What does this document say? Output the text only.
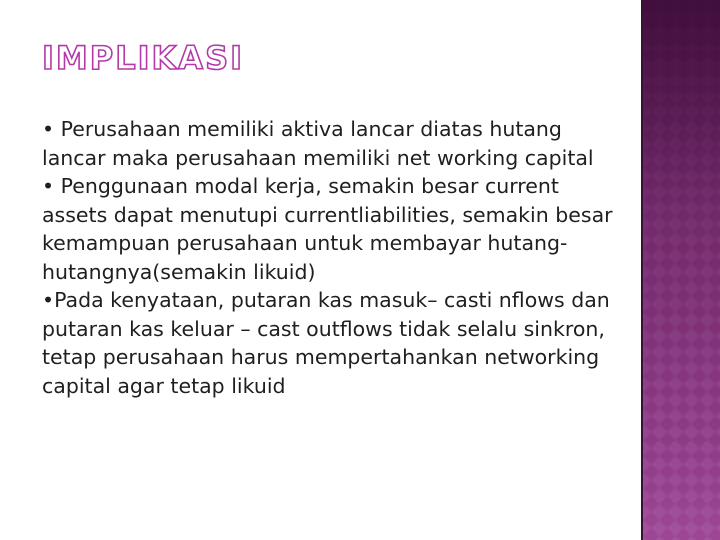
IMPLIKASI

• Perusahaan memiliki aktiva lancar diatas hutang lancar maka perusahaan memiliki net working capital

• Penggunaan modal kerja, semakin besar current assets dapat menutupi currentliabilities, semakin besar kemampuan perusahaan untuk membayar hutang-hutangnya(semakin likuid)

•Pada kenyataan, putaran kas masuk– casti nflows dan putaran kas keluar – cast outflows tidak selalu sinkron, tetap perusahaan harus mempertahankan networking capital agar tetap likuid
